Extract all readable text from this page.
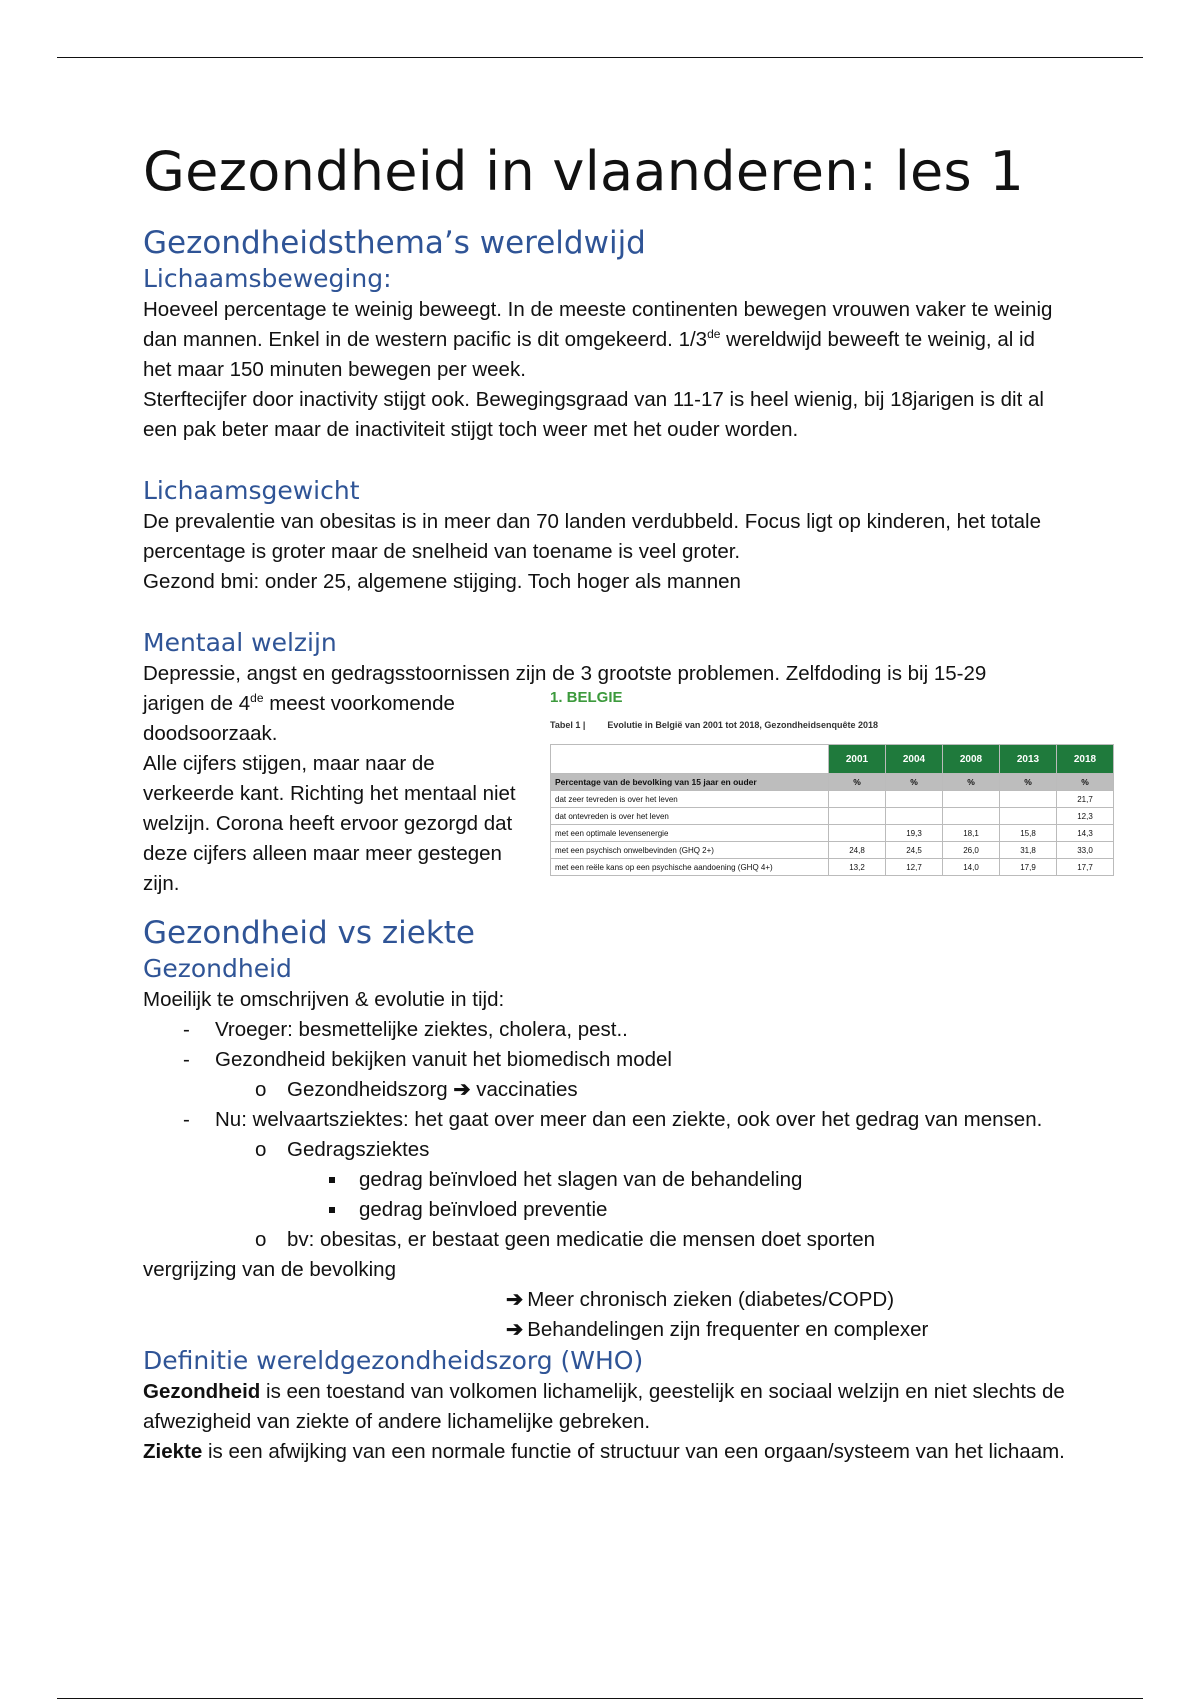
Gezondheid in vlaanderen: les 1
Gezondheidsthema’s wereldwijd
Lichaamsbeweging:

Hoeveel percentage te weinig beweegt. In de meeste continenten bewegen vrouwen vaker te weinig dan mannen. Enkel in de western pacific is dit omgekeerd. 1/3de wereldwijd beweeft te weinig, al id het maar 150 minuten bewegen per week.

Sterftecijfer door inactivity stijgt ook. Bewegingsgraad van 11-17 is heel wienig, bij 18jarigen is dit al een pak beter maar de inactiviteit stijgt toch weer met het ouder worden.

Lichaamsgewicht

De prevalentie van obesitas is in meer dan 70 landen verdubbeld. Focus ligt op kinderen, het totale percentage is groter maar de snelheid van toename is veel groter.

Gezond bmi: onder 25, algemene stijging. Toch hoger als mannen

Mentaal welzijn

Depressie, angst en gedragsstoornissen zijn de 3 grootste problemen. Zelfdoding is bij 15-29

jarigen de 4de meest voorkomende doodsoorzaak.

Alle cijfers stijgen, maar naar de verkeerde kant. Richting het mentaal niet welzijn. Corona heeft ervoor gezorgd dat deze cijfers alleen maar meer gestegen zijn.

1. BELGIE
Tabel 1 | Evolutie in België van 2001 tot 2018, Gezondheidsenquête 2018
	2001	2004	2008	2013	2018
Percentage van de bevolking van 15 jaar en ouder	%	%	%	%	%
dat zeer tevreden is over het leven					21,7
dat ontevreden is over het leven					12,3
met een optimale levensenergie		19,3	18,1	15,8	14,3
met een psychisch onwelbevinden (GHQ 2+)	24,8	24,5	26,0	31,8	33,0
met een reële kans op een psychische aandoening (GHQ 4+)	13,2	12,7	14,0	17,9	17,7
Gezondheid vs ziekte
Gezondheid

Moeilijk te omschrijven & evolutie in tijd:

- Vroeger: besmettelijke ziektes, cholera, pest..
- Gezondheid bekijken vanuit het biomedisch model
o Gezondheidszorg ➔ vaccinaties
- Nu: welvaartsziektes: het gaat over meer dan een ziekte, ook over het gedrag van mensen.
o Gedragsziektes
gedrag beïnvloed het slagen van de behandeling
gedrag beïnvloed preventie
o bv: obesitas, er bestaat geen medicatie die mensen doet sporten

vergrijzing van de bevolking

➔ Meer chronisch zieken (diabetes/COPD)
➔ Behandelingen zijn frequenter en complexer
Definitie wereldgezondheidszorg (WHO)

Gezondheid is een toestand van volkomen lichamelijk, geestelijk en sociaal welzijn en niet slechts de afwezigheid van ziekte of andere lichamelijke gebreken.

Ziekte is een afwijking van een normale functie of structuur van een orgaan/systeem van het lichaam.
